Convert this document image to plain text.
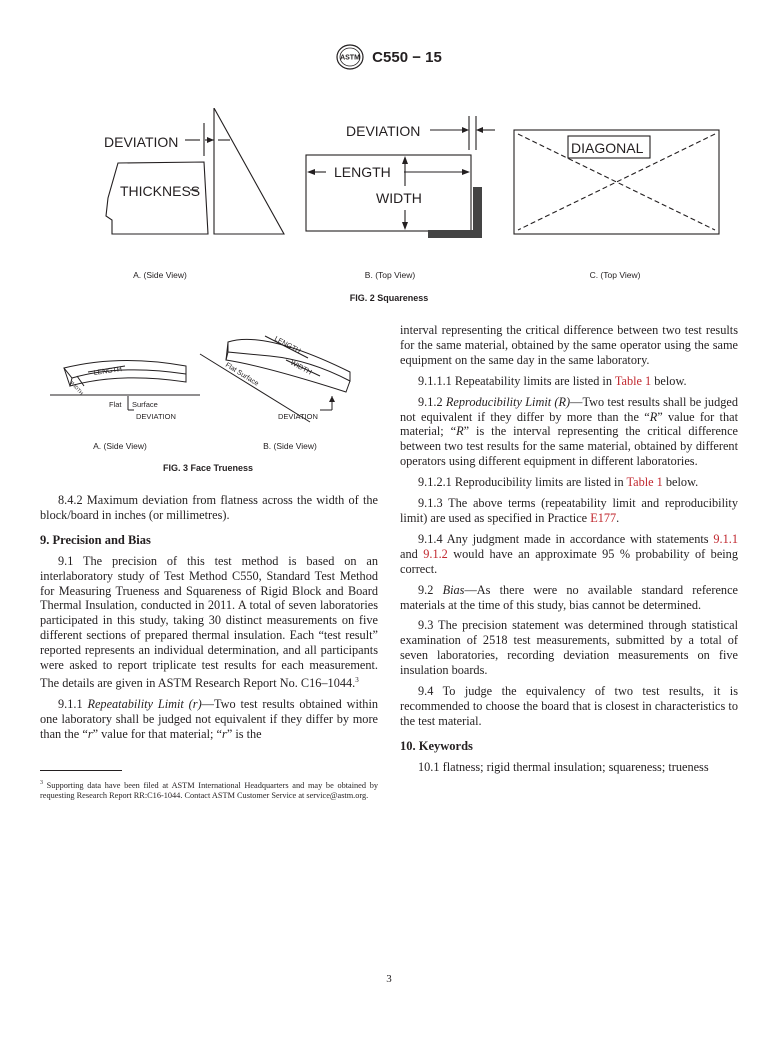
ASTM C550 − 15
DEVIATION
THICKNESS
DEVIATION
LENGTH
WIDTH
DIAGONAL
A. (Side View)	B. (Top View)	C. (Top View)
FIG. 2 Squareness
LENGTH
WIDTH
Flat Surface
DEVIATION
LENGTH
WIDTH
Flat Surface
DEVIATION
A. (Side View)	B. (Side View)
FIG. 3 Face Trueness

8.4.2 Maximum deviation from flatness across the width of the block/board in inches (or millimetres).

9. Precision and Bias

9.1 The precision of this test method is based on an interlaboratory study of Test Method C550, Standard Test Method for Measuring Trueness and Squareness of Rigid Block and Board Thermal Insulation, conducted in 2011. A total of seven laboratories participated in this study, taking 30 distinct measurements on five different sections of prepared thermal insulation. Each “test result” reported represents an individual determination, and all participants were asked to report triplicate test results for each measurement. The details are given in ASTM Research Report No. C16–1044.$^3$

9.1.1 Repeatability Limit (r)—Two test results obtained within one laboratory shall be judged not equivalent if they differ by more than the “r” value for that material; “r” is the

$^3$ Supporting data have been filed at ASTM International Headquarters and may be obtained by requesting Research Report RR:C16-1044. Contact ASTM Customer Service at service@astm.org.

interval representing the critical difference between two test results for the same material, obtained by the same operator using the same equipment on the same day in the same laboratory.

9.1.1.1 Repeatability limits are listed in Table 1 below.

9.1.2 Reproducibility Limit (R)—Two test results shall be judged not equivalent if they differ by more than the “R” value for that material; “R” is the interval representing the critical difference between two test results for the same material, obtained by different operators using different equipment in different laboratories.

9.1.2.1 Reproducibility limits are listed in Table 1 below.

9.1.3 The above terms (repeatability limit and reproducibility limit) are used as specified in Practice E177.

9.1.4 Any judgment made in accordance with statements 9.1.1 and 9.1.2 would have an approximate 95 % probability of being correct.

9.2 Bias—As there were no available standard reference materials at the time of this study, bias cannot be determined.

9.3 The precision statement was determined through statistical examination of 2518 test measurements, submitted by a total of seven laboratories, recording deviation measurements on five insulation boards.

9.4 To judge the equivalency of two test results, it is recommended to choose the board that is closest in characteristics to the test material.

10. Keywords

10.1 flatness; rigid thermal insulation; squareness; trueness

3
